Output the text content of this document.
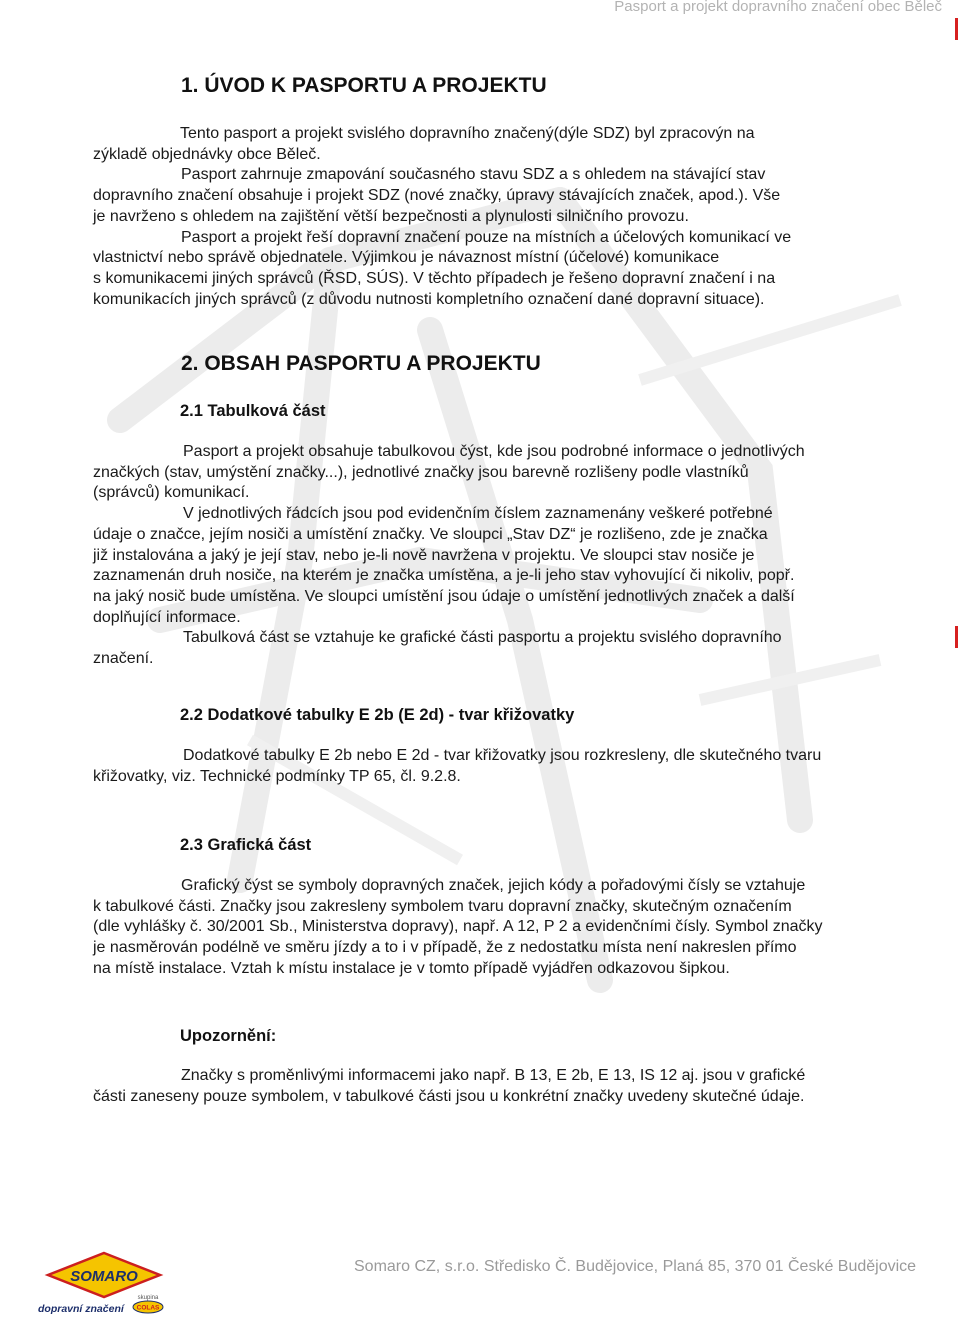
Pasport a projekt dopravního značení obec Běleč
1. ÚVOD K PASPORTU A PROJEKTU
Tento pasport a projekt svislého dopravního značený(dýle SDZ) byl zpracovýn na
zýkladě objednávky obce Běleč.
Pasport zahrnuje zmapování současného stavu SDZ a s ohledem na stávající stav
dopravního značení obsahuje i projekt SDZ (nové značky, úpravy stávajících značek, apod.). Vše
je navrženo s ohledem na zajištění větší bezpečnosti a plynulosti silničního provozu.
Pasport a projekt řeší dopravní značení pouze na místních a účelových komunikací ve
vlastnictví nebo správě objednatele. Výjimkou je návaznost místní (účelové) komunikace
s komunikacemi jiných správců (ŘSD, SÚS). V těchto případech je řešeno dopravní značení i na
komunikacích jiných správců (z důvodu nutnosti kompletního označení dané dopravní situace).
2. OBSAH PASPORTU A PROJEKTU
2.1 Tabulková část
Pasport a projekt obsahuje tabulkovou čýst, kde jsou podrobné informace o jednotlivých
značkých (stav, umýstění značky...), jednotlivé značky jsou barevně rozlišeny podle vlastníků
(správců) komunikací.
V jednotlivých řádcích jsou pod evidenčním číslem zaznamenány veškeré potřebné
údaje o značce, jejím nosiči a umístění značky. Ve sloupci „Stav DZ“ je rozlišeno, zde je značka
již instalována a jaký je její stav, nebo je-li nově navržena v projektu. Ve sloupci stav nosiče je
zaznamenán druh nosiče, na kterém je značka umístěna, a je-li jeho stav vyhovující či nikoliv, popř.
na jaký nosič bude umístěna. Ve sloupci umístění jsou údaje o umístění jednotlivých značek a další
doplňující informace.
Tabulková část se vztahuje ke grafické části pasportu a projektu svislého dopravního
značení.
2.2 Dodatkové tabulky E 2b (E 2d) - tvar křižovatky
Dodatkové tabulky E 2b nebo E 2d - tvar křižovatky jsou rozkresleny, dle skutečného tvaru
křižovatky, viz. Technické podmínky TP 65, čl. 9.2.8.
2.3 Grafická část
Grafický čýst se symboly dopravných značek, jejich kódy a pořadovými čísly se vztahuje
k tabulkové části. Značky jsou zakresleny symbolem tvaru dopravní značky, skutečným označením
(dle vyhlášky č. 30/2001 Sb., Ministerstva dopravy), např. A 12, P 2 a evidenčními čísly. Symbol značky
je nasměrován podélně ve směru jízdy a to i v případě, že z nedostatku místa není nakreslen přímo
na místě instalace. Vztah k místu instalace je v tomto případě vyjádřen odkazovou šipkou.
Upozornění:
Značky s proměnlivými informacemi jako např. B 13, E 2b, E 13, IS 12 aj. jsou v grafické
části zaneseny pouze symbolem, v tabulkové části jsou u konkrétní značky uvedeny skutečné údaje.
SOMARO
dopravní značení
skupina
COLAS
Somaro CZ, s.r.o. Středisko Č. Budějovice, Planá 85, 370 01 České Budějovice
